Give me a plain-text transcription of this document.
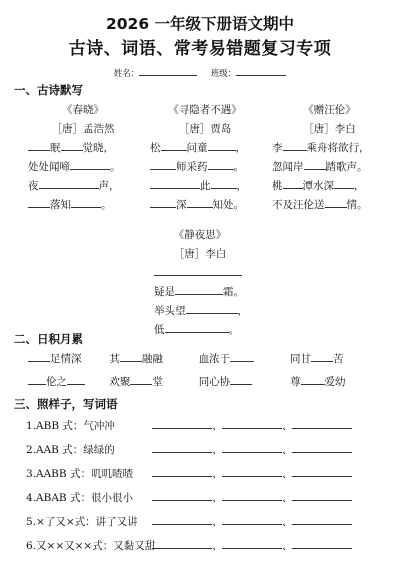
2026 一年级下册语文期中
古诗、词语、常考易错题复习专项
姓名：	班级：
一、古诗默写
《春晓》
［唐］孟浩然
眠 觉晓，
处处闻啼	。
夜	声，
落知	。
《寻隐者不遇》
［唐］贾岛
松 问童	，
师采药 。
此 ，
深 知处。
《赠汪伦》
［唐］李白
李 乘舟将欲行，
忽闻岸 踏歌声。
桃 潭水深 ，
不及汪伦送 情。
《静夜思》
［唐］李白
疑是	霜。
举头望	，
低	。
二、日积月累
足情深	其 融融	血浓于	同甘 苦
伦之	欢聚 堂	同心协	尊 爱幼
三、照样子，写词语
1.ABB 式：气冲冲	、	、
2.AAB 式：绿绿的	、	、
3.AABB 式：叽叽喳喳	、	、
4.ABAB 式：很小很小	、	、
5.×了又×式：讲了又讲	、	、
6.又××又××式：又黏又甜	、	、
